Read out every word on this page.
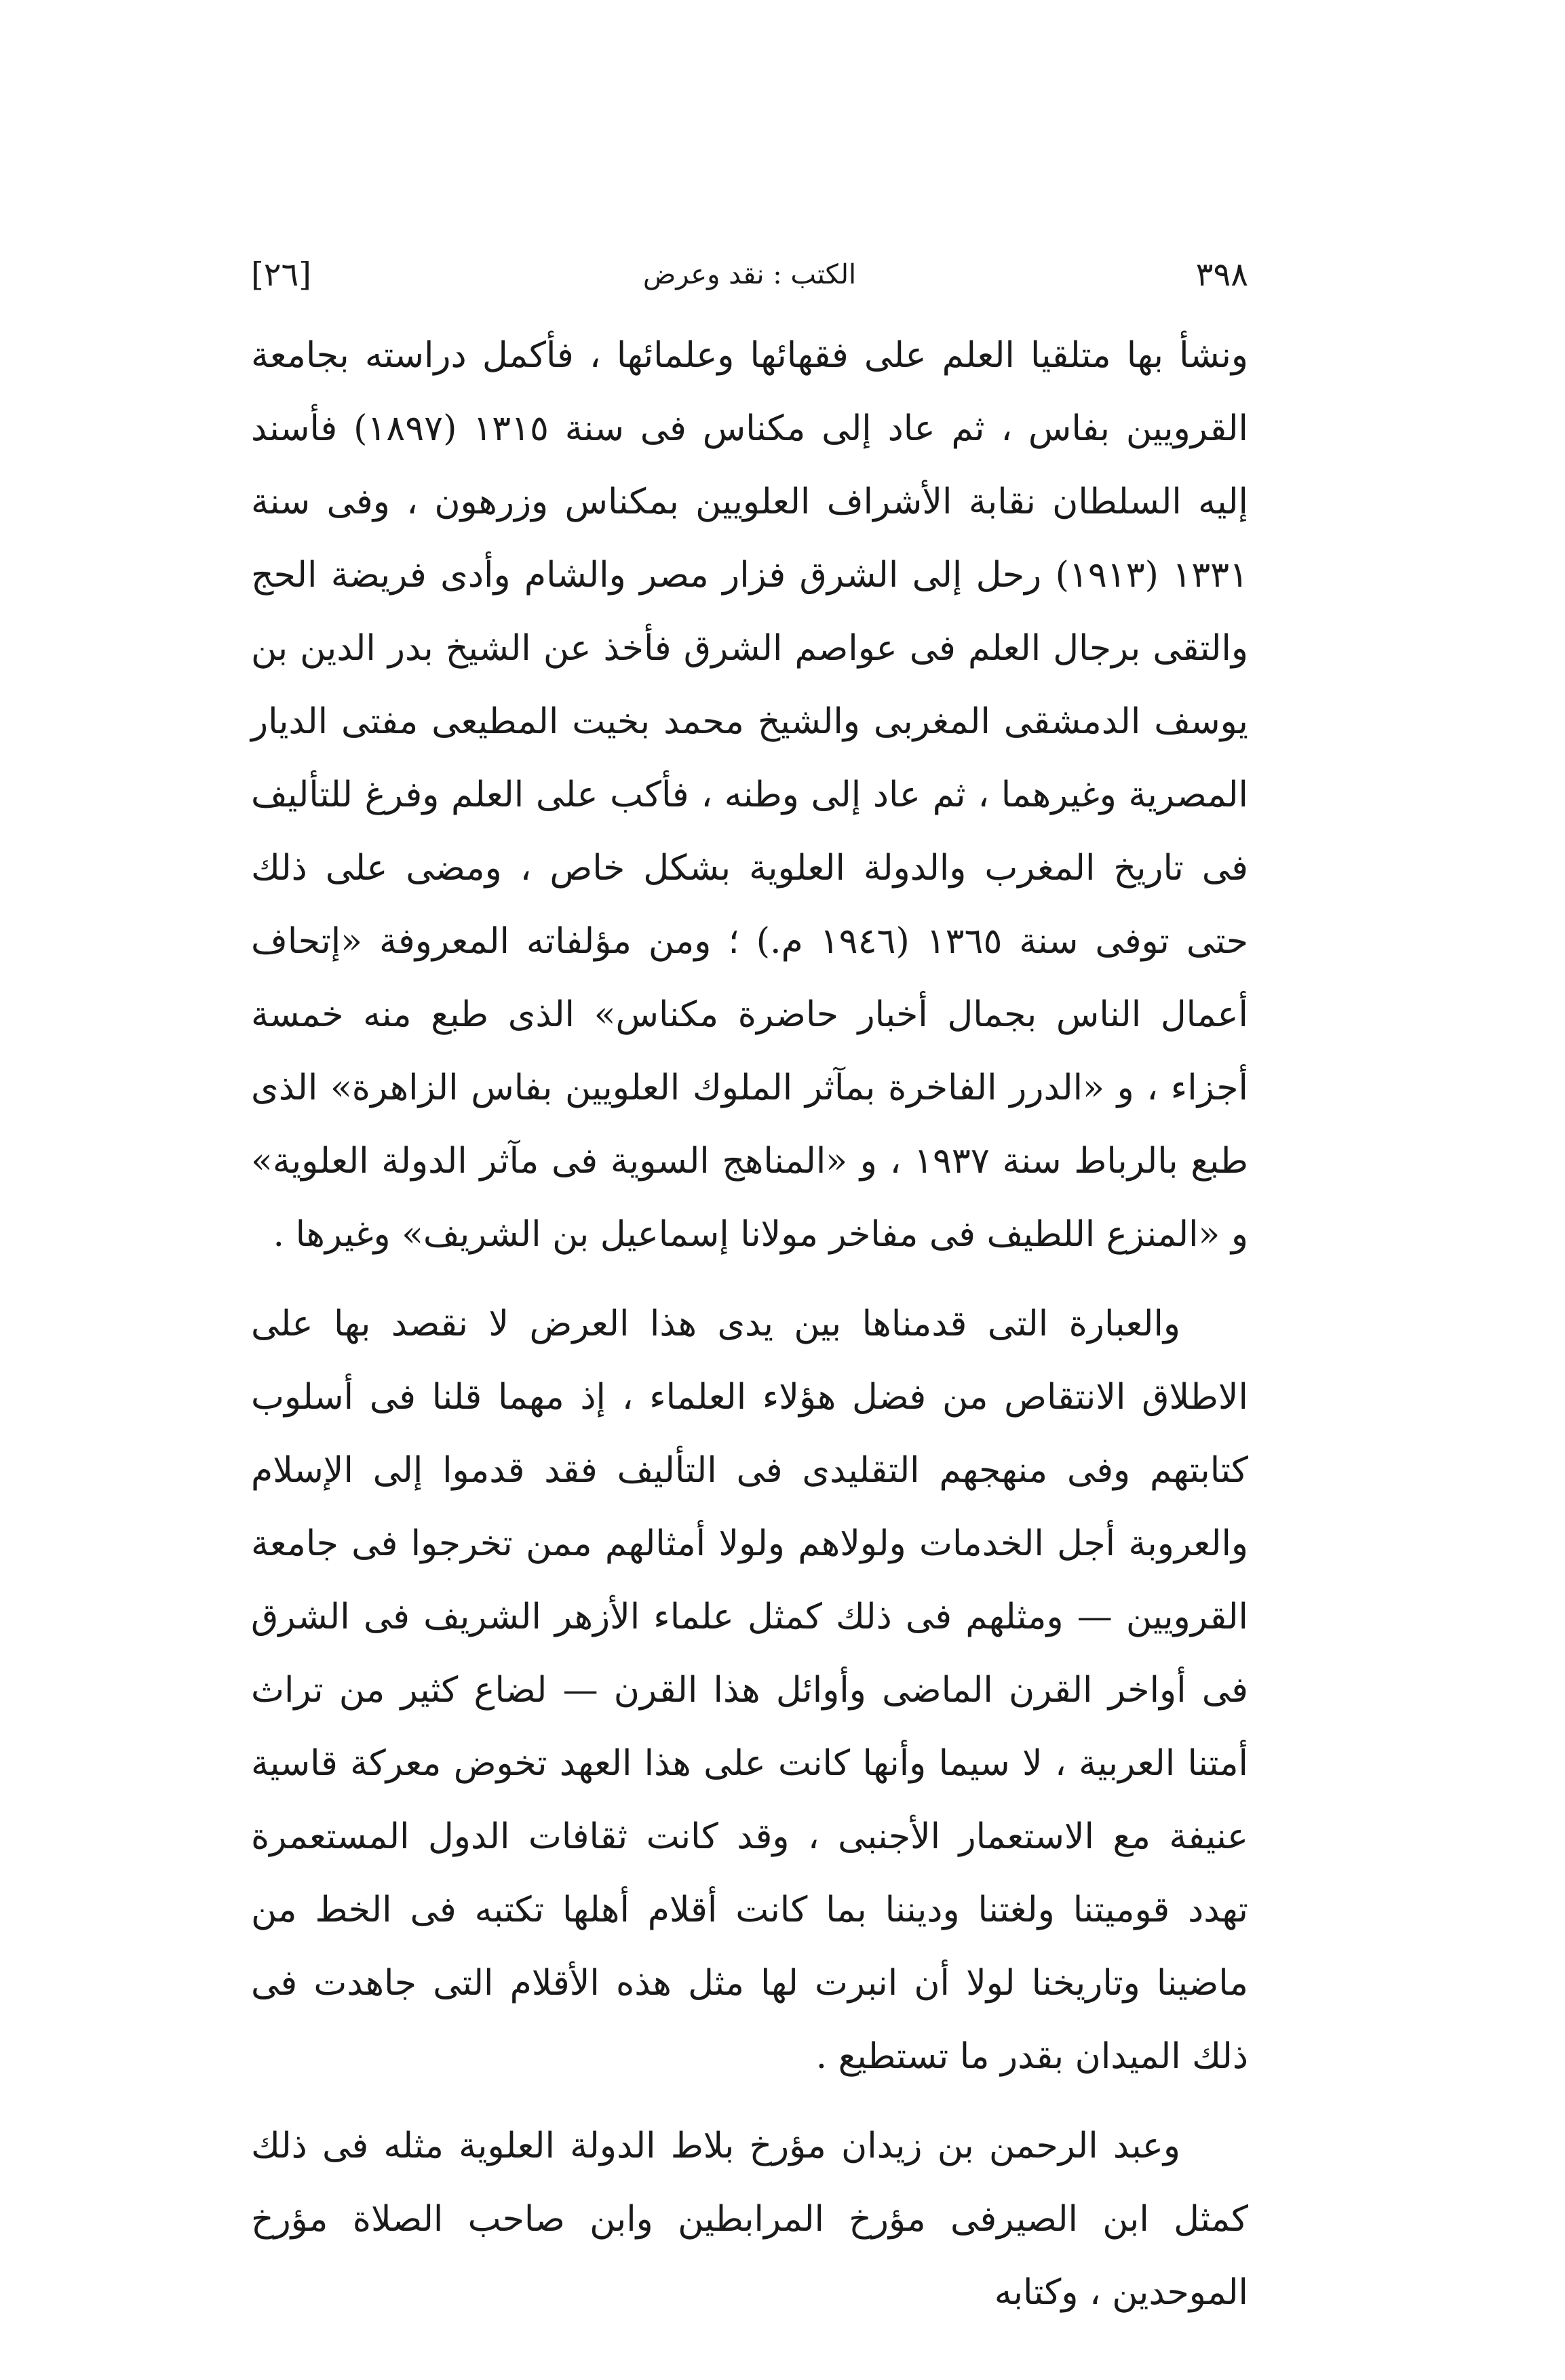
[٢٦]	الكتب : نقد وعرض	٣٩٨

ونشأ بها متلقيا العلم على فقهائها وعلمائها ، فأكمل دراسته بجامعة القرويين بفاس ، ثم عاد إلى مكناس فى سنة ١٣١٥ (١٨٩٧) فأسند إليه السلطان نقابة الأشراف العلويين بمكناس وزرهون ، وفى سنة ١٣٣١ (١٩١٣) رحل إلى الشرق فزار مصر والشام وأدى فريضة الحج والتقى برجال العلم فى عواصم الشرق فأخذ عن الشيخ بدر الدين بن يوسف الدمشقى المغربى والشيخ محمد بخيت المطيعى مفتى الديار المصرية وغيرهما ، ثم عاد إلى وطنه ، فأكب على العلم وفرغ للتأليف فى تاريخ المغرب والدولة العلوية بشكل خاص ، ومضى على ذلك حتى توفى سنة ١٣٦٥ (١٩٤٦ م.) ؛ ومن مؤلفاته المعروفة «إتحاف أعمال الناس بجمال أخبار حاضرة مكناس» الذى طبع منه خمسة أجزاء ، و «الدرر الفاخرة بمآثر الملوك العلويين بفاس الزاهرة» الذى طبع بالرباط سنة ١٩٣٧ ، و «المناهج السوية فى مآثر الدولة العلوية» و «المنزع اللطيف فى مفاخر مولانا إسماعيل بن الشريف» وغيرها .

والعبارة التى قدمناها بين يدى هذا العرض لا نقصد بها على الاطلاق الانتقاص من فضل هؤلاء العلماء ، إذ مهما قلنا فى أسلوب كتابتهم وفى منهجهم التقليدى فى التأليف فقد قدموا إلى الإسلام والعروبة أجل الخدمات ولولاهم ولولا أمثالهم ممن تخرجوا فى جامعة القرويين — ومثلهم فى ذلك كمثل علماء الأزهر الشريف فى الشرق فى أواخر القرن الماضى وأوائل هذا القرن — لضاع كثير من تراث أمتنا العربية ، لا سيما وأنها كانت على هذا العهد تخوض معركة قاسية عنيفة مع الاستعمار الأجنبى ، وقد كانت ثقافات الدول المستعمرة تهدد قوميتنا ولغتنا وديننا بما كانت أقلام أهلها تكتبه فى الخط من ماضينا وتاريخنا لولا أن انبرت لها مثل هذه الأقلام التى جاهدت فى ذلك الميدان بقدر ما تستطيع .

وعبد الرحمن بن زيدان مؤرخ بلاط الدولة العلوية مثله فى ذلك كمثل ابن الصيرفى مؤرخ المرابطين وابن صاحب الصلاة مؤرخ الموحدين ، وكتابه
